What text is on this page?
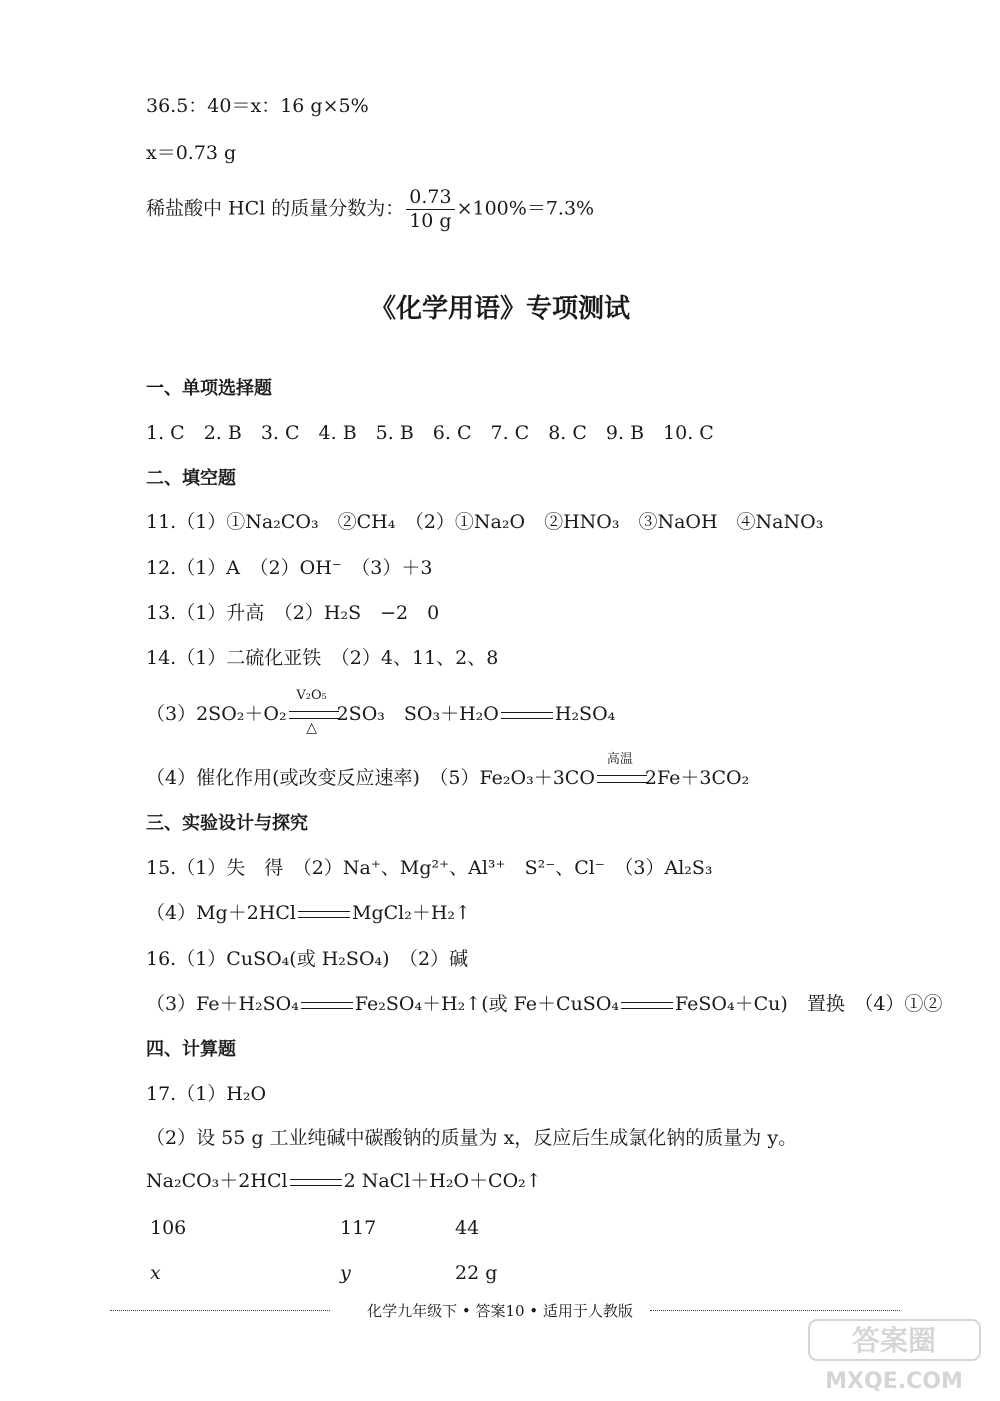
36.5：40＝x：16 g×5%
x＝0.73 g
稀盐酸中 HCl 的质量分数为： $\frac{0.73}{10 g} \times 100\%=7.3\%$
《化学用语》专项测试
一、单项选择题
1. C　2. B　3. C　4. B　5. B　6. C　7. C　8. C　9. B　10. C
二、填空题
11.（1）①Na₂CO₃　②CH₄　（2）①Na₂O　②HNO₃　③NaOH　④NaNO₃
12.（1）A　（2）OH⁻　（3）＋3
13.（1）升高　（2）H₂S　−2　0
14.（1）二硫化亚铁　（2）4、11、2、8
（3）2SO₂＋O₂
V₂O₅
△
2SO₃　SO₃＋H₂O	H₂SO₄
（4）催化作用(或改变反应速率)　（5）Fe₂O₃＋3CO
高温
2Fe＋3CO₂
三、实验设计与探究
15.（1）失　得　（2）Na⁺、Mg²⁺、Al³⁺　S²⁻、Cl⁻　（3）Al₂S₃
（4）Mg＋2HCl	MgCl₂＋H₂↑
16.（1）CuSO₄(或 H₂SO₄)　（2）碱
（3）Fe＋H₂SO₄	Fe₂SO₄＋H₂↑(或 Fe＋CuSO₄	FeSO₄＋Cu)　置换　（4）①②
四、计算题
17.（1）H₂O
（2）设 55 g 工业纯碱中碳酸钠的质量为 x，反应后生成氯化钠的质量为 y。
Na₂CO₃＋2HCl	2 NaCl＋H₂O＋CO₂↑
106	117	44
x	y	22 g
化学九年级下 • 答案10 • 适用于人教版
答案圈
MXQE.COM
